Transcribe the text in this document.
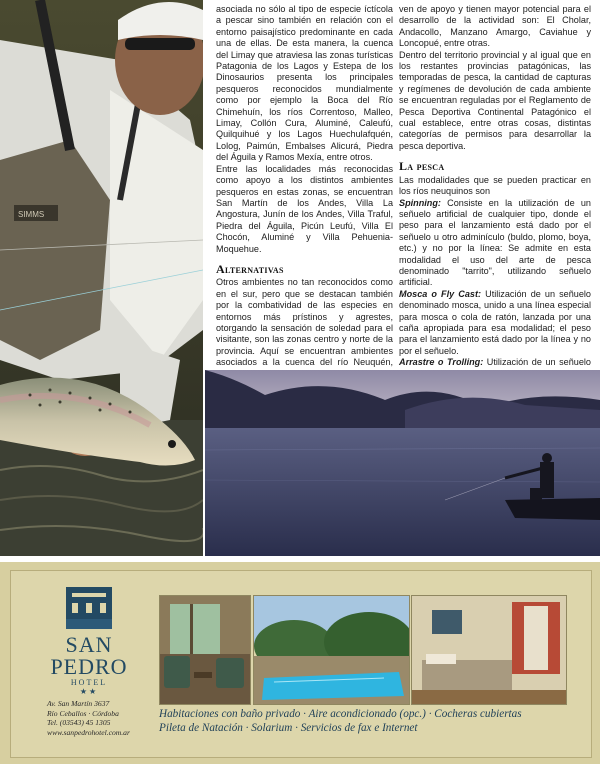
SIMMS

asociada no sólo al tipo de especie íctícola a pescar sino también en relación con el entorno paisajístico predominante en cada una de ellas. De esta manera, la cuenca del Limay que atraviesa las zonas turísticas Patagonia de los Lagos y Estepa de los Dinosaurios presenta los principales pesqueros reconocidos mundialmente como por ejemplo la Boca del Río Chimehuín, los ríos Correntoso, Malleo, Limay, Collón Cura, Aluminé, Caleufú, Quilquihué y los Lagos Huechulafquén, Lolog, Paimún, Embalses Alicurá, Piedra del Águila y Ramos Mexía, entre otros.

Entre las localidades más reconocidas como apoyo a los distintos ambientes pesqueros en estas zonas, se encuentran San Martín de los Andes, Villa La Angostura, Junín de los Andes, Villa Traful, Piedra del Águila, Picún Leufú, Villa El Chocón, Aluminé y Villa Pehuenia-Moquehue.

Alternativas

Otros ambientes no tan reconocidos como en el sur, pero que se destacan también por la combatividad de las especies en entornos más prístinos y agrestes, otorgando la sensación de soledad para el visitante, son las zonas centro y norte de la provincia. Aquí se encuentran ambientes asociados a la cuenca del río Neuquén,

ven de apoyo y tienen mayor potencial para el desarrollo de la actividad son: El Cholar, Andacollo, Manzano Amargo, Caviahue y Loncopué, entre otras.

Dentro del territorio provincial y al igual que en los restantes provincias patagónicas, las temporadas de pesca, la cantidad de capturas y regímenes de devolución de cada ambiente se encuentran reguladas por el Reglamento de Pesca Deportiva Continental Patagónico el cual establece, entre otras cosas, distintas categorías de permisos para desarrollar la pesca deportiva.

La pesca

Las modalidades que se pueden practicar en los ríos neuquinos son

Spinning: Consiste en la utilización de un señuelo artificial de cualquier tipo, donde el peso para el lanzamiento está dado por el señuelo u otro adminículo (buldo, plomo, boya, etc.) y no por la línea: Se admite en esta modalidad el uso del arte de pesca denominado "tarrito", utilizando señuelo artificial.

Mosca o Fly Cast: Utilización de un señuelo denominado mosca, unido a una línea especial para mosca o cola de ratón, lanzada por una caña apropiada para esa modalidad; el peso para el lanzamiento está dado por la línea y no por el señuelo.

Arrastre o Trolling: Utilización de un señuelo

SAN
PEDRO
HOTEL
★★
Av. San Martín 3637
Río Ceballos · Córdoba
Tel. (03543) 45 1305
www.sanpedrohotel.com.ar
Habitaciones con baño privado · Aire acondicionado (opc.) · Cocheras cubiertas
Pileta de Natación · Solarium · Servicios de fax e Internet
